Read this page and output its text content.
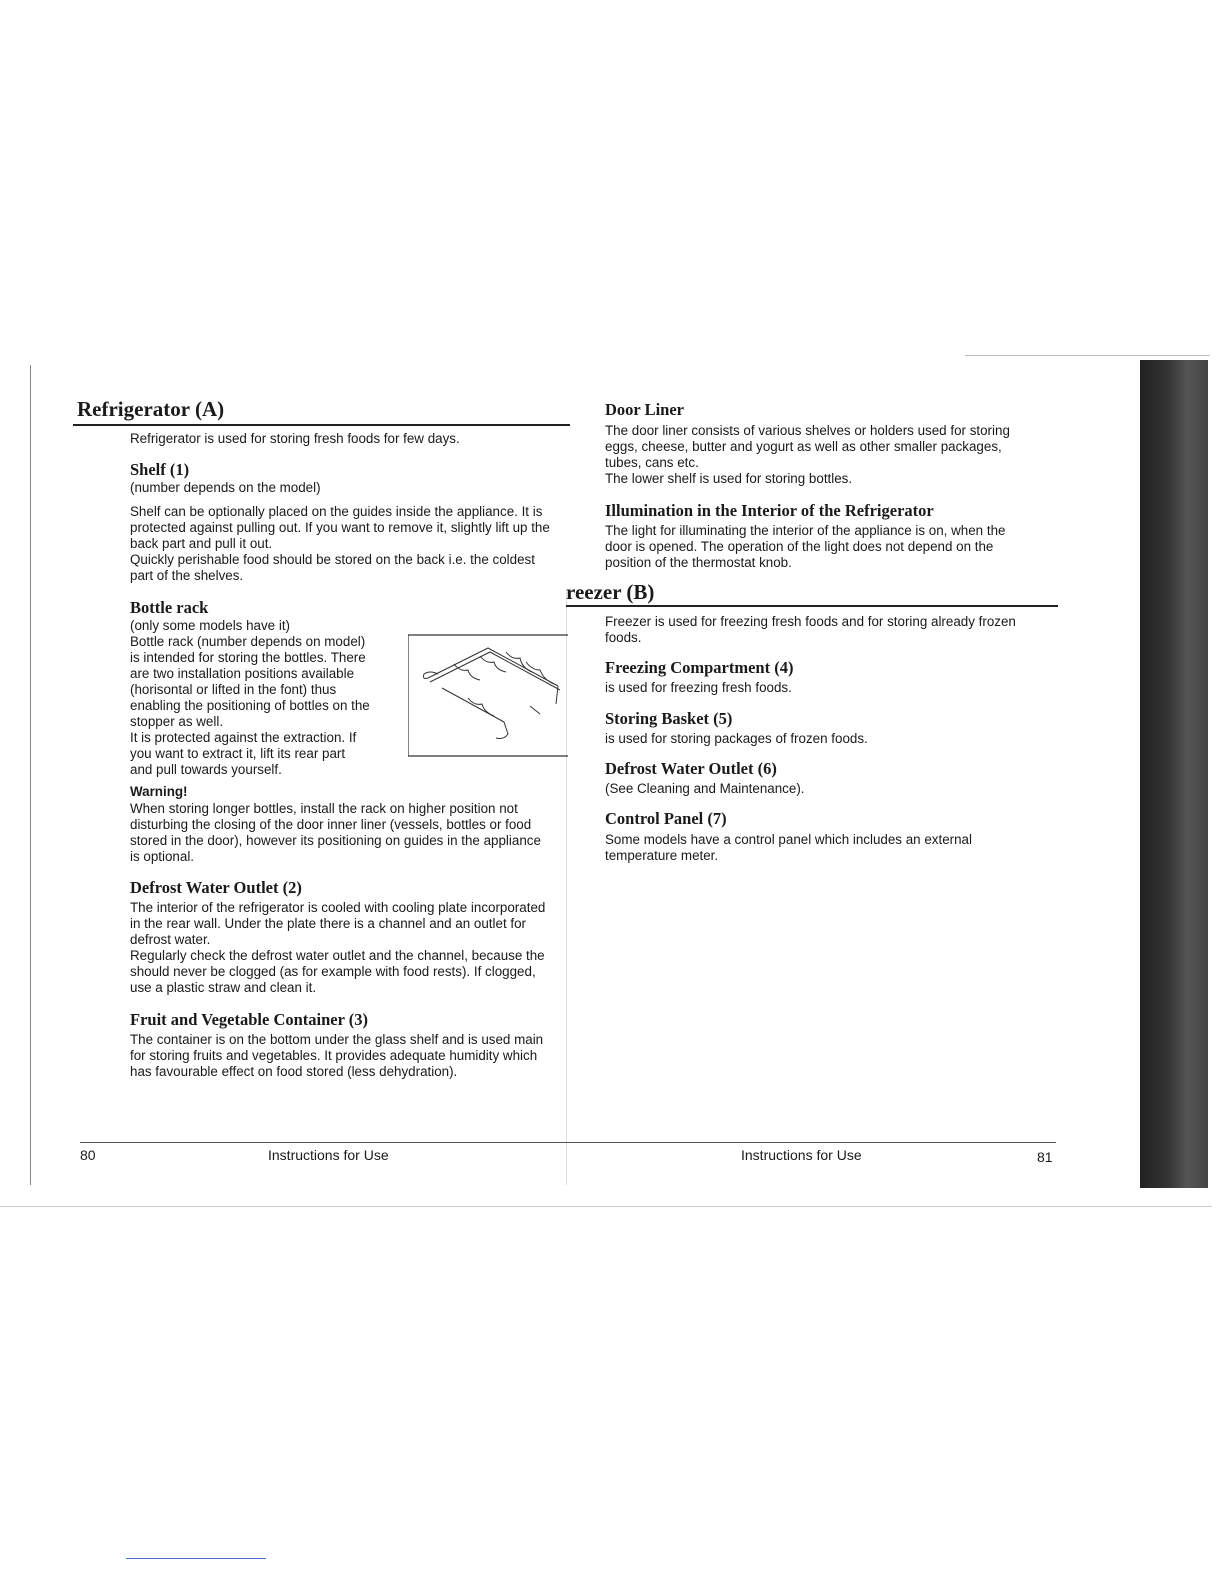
Refrigerator (A)
Refrigerator is used for storing fresh foods for few days.
Shelf (1)
(number depends on the model)
Shelf can be optionally placed on the guides inside the appliance. It is
protected against pulling out. If you want to remove it, slightly lift up the
back part and pull it out.
Quickly perishable food should be stored on the back i.e. the coldest
part of the shelves.
Bottle rack
(only some models have it)
Bottle rack (number depends on model)
is intended for storing the bottles. There
are two installation positions available
(horisontal or lifted in the font) thus
enabling the positioning of bottles on the
stopper as well.
It is protected against the extraction. If
you want to extract it, lift its rear part
and pull towards yourself.
Warning!
When storing longer bottles, install the rack on higher position not
disturbing the closing of the door inner liner (vessels, bottles or food
stored in the door), however its positioning on guides in the appliance
is optional.
Defrost Water Outlet (2)
The interior of the refrigerator is cooled with cooling plate incorporated
in the rear wall. Under the plate there is a channel and an outlet for
defrost water.
Regularly check the defrost water outlet and the channel, because the
should never be clogged (as for example with food rests). If clogged,
use a plastic straw and clean it.
Fruit and Vegetable Container (3)
The container is on the bottom under the glass shelf and is used main
for storing fruits and vegetables. It provides adequate humidity which
has favourable effect on food stored (less dehydration).
80	Instructions for Use
Door Liner
The door liner consists of various shelves or holders used for storing
eggs, cheese, butter and yogurt as well as other smaller packages,
tubes, cans etc.
The lower shelf is used for storing bottles.
Illumination in the Interior of the Refrigerator
The light for illuminating the interior of the appliance is on, when the
door is opened. The operation of the light does not depend on the
position of the thermostat knob.
reezer (B)
Freezer is used for freezing fresh foods and for storing already frozen
foods.
Freezing Compartment (4)
is used for freezing fresh foods.
Storing Basket (5)
is used for storing packages of frozen foods.
Defrost Water Outlet (6)
(See Cleaning and Maintenance).
Control Panel (7)
Some models have a control panel which includes an external
temperature meter.
Instructions for Use	81
